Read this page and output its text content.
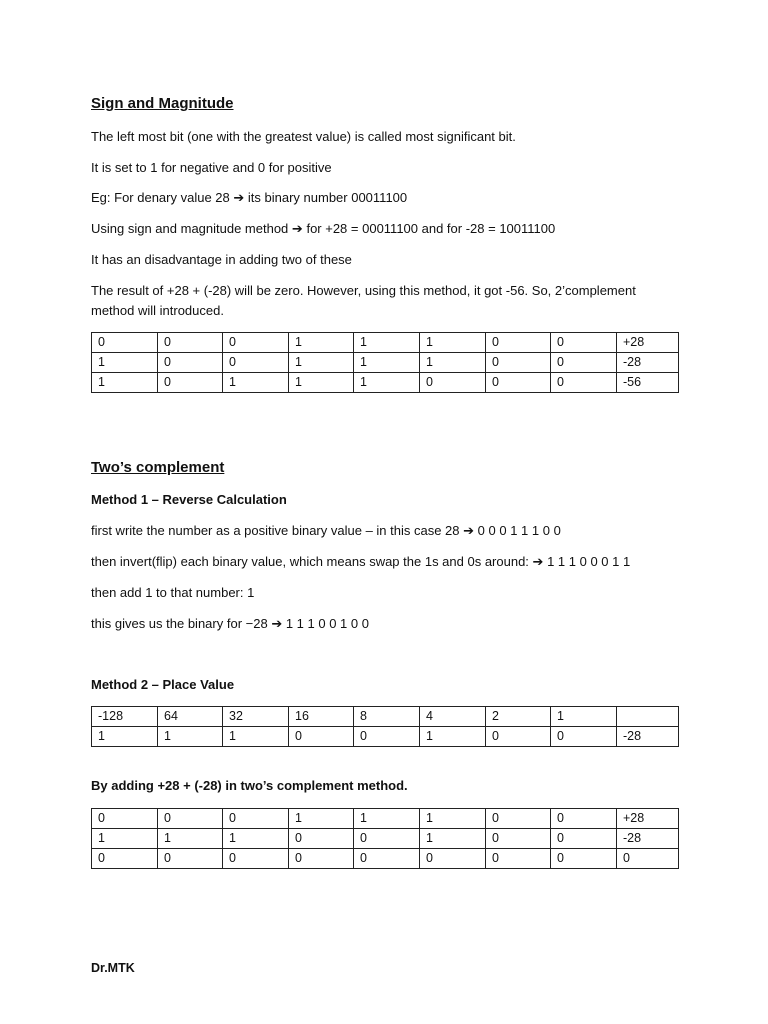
Sign and Magnitude
The left most bit (one with the greatest value) is called most significant bit.
It is set to 1 for negative and 0 for positive
Eg: For denary value 28 ➔ its binary number 00011100
Using sign and magnitude method ➔ for +28 = 00011100 and for -28 = 10011100
It has an disadvantage in adding two of these
The result of +28 + (-28) will be zero. However, using this method, it got -56. So, 2’complement
method will introduced.
0	0	0	1	1	1	0	0	+28
1	0	0	1	1	1	0	0	-28
1	0	1	1	1	0	0	0	-56
Two’s complement
Method 1 – Reverse Calculation
first write the number as a positive binary value – in this case 28 ➔ 0 0 0 1 1 1 0 0
then invert(flip) each binary value, which means swap the 1s and 0s around: ➔ 1 1 1 0 0 0 1 1
then add 1 to that number: 1
this gives us the binary for −28 ➔ 1 1 1 0 0 1 0 0
Method 2 – Place Value
-128	64	32	16	8	4	2	1	
1	1	1	0	0	1	0	0	-28
By adding +28 + (-28) in two’s complement method.
0	0	0	1	1	1	0	0	+28
1	1	1	0	0	1	0	0	-28
0	0	0	0	0	0	0	0	0
Dr.MTK
